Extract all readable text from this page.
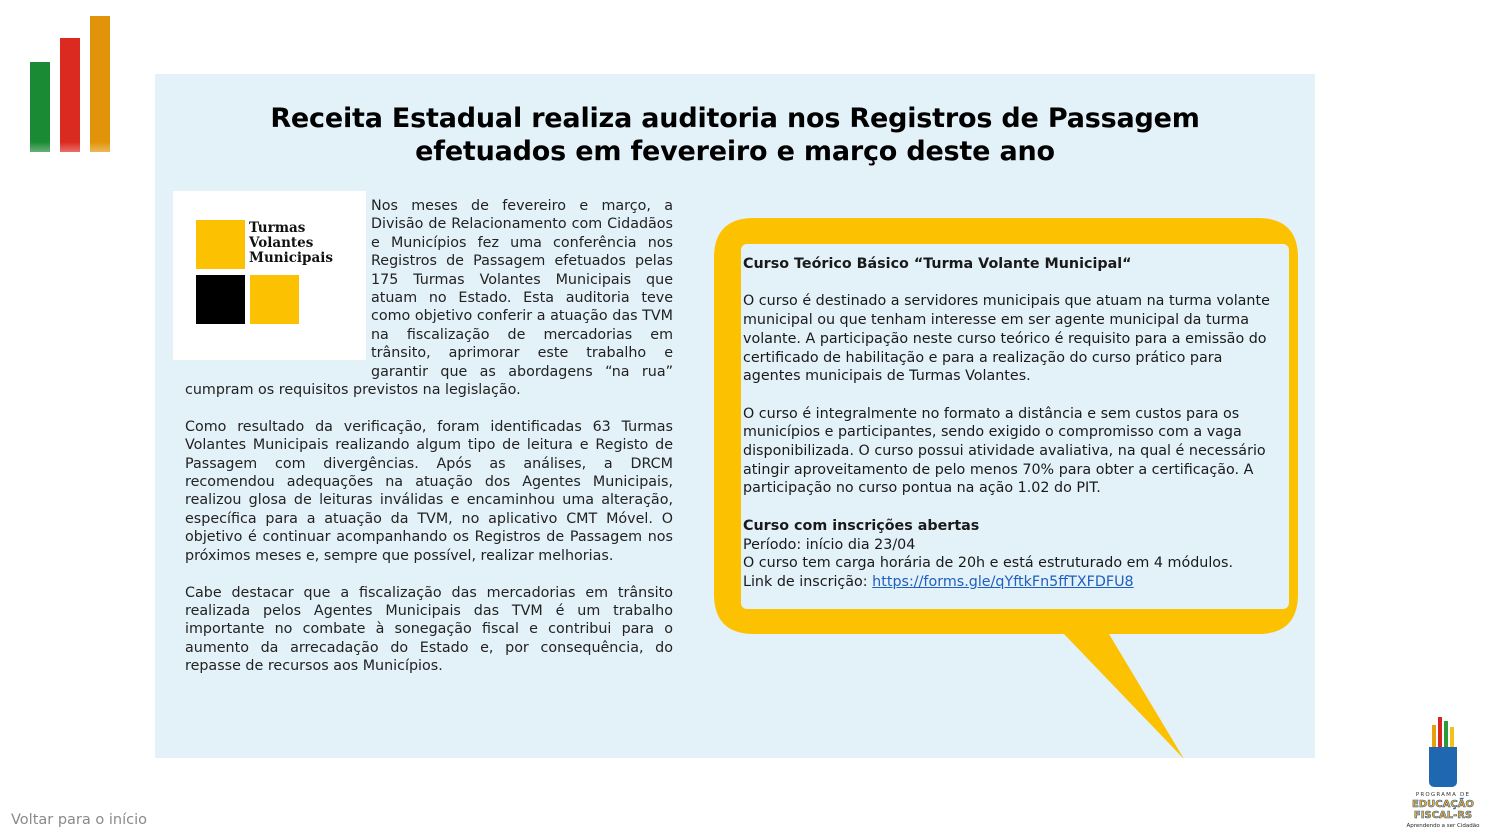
Receita Estadual realiza auditoria nos Registros de Passagem
efetuados em fevereiro e março deste ano
Turmas
Volantes
Municipais

Nos meses de fevereiro e março, a Divisão de Relacionamento com Cidadãos e Municípios fez uma conferência nos Registros de Passagem efetuados pelas 175 Turmas Volantes Municipais que atuam no Estado. Esta auditoria teve como objetivo conferir a atuação das TVM na fiscalização de mercadorias em trânsito, aprimorar este trabalho e garantir que as abordagens “na rua” cumpram os requisitos previstos na legislação.

Como resultado da verificação, foram identificadas 63 Turmas Volantes Municipais realizando algum tipo de leitura e Registo de Passagem com divergências. Após as análises, a DRCM recomendou adequações na atuação dos Agentes Municipais, realizou glosa de leituras inválidas e encaminhou uma alteração, específica para a atuação da TVM, no aplicativo CMT Móvel. O objetivo é continuar acompanhando os Registros de Passagem nos próximos meses e, sempre que possível, realizar melhorias.

Cabe destacar que a fiscalização das mercadorias em trânsito realizada pelos Agentes Municipais das TVM é um trabalho importante no combate à sonegação fiscal e contribui para o aumento da arrecadação do Estado e, por consequência, do repasse de recursos aos Municípios.

Curso Teórico Básico “Turma Volante Municipal“

O curso é destinado a servidores municipais que atuam na turma volante municipal ou que tenham interesse em ser agente municipal da turma volante. A participação neste curso teórico é requisito para a emissão do certificado de habilitação e para a realização do curso prático para agentes municipais de Turmas Volantes.

O curso é integralmente no formato a distância e sem custos para os municípios e participantes, sendo exigido o compromisso com a vaga disponibilizada. O curso possui atividade avaliativa, na qual é necessário atingir aproveitamento de pelo menos 70% para obter a certificação. A participação no curso pontua na ação 1.02 do PIT.

Curso com inscrições abertas
Período: início dia 23/04
O curso tem carga horária de 20h e está estruturado em 4 módulos.
Link de inscrição: https://forms.gle/qYftkFn5ffTXFDFU8
Voltar para o início
PROGRAMA DE
EDUCAÇÃO
FISCAL-RS
Aprendendo a ser Cidadão
